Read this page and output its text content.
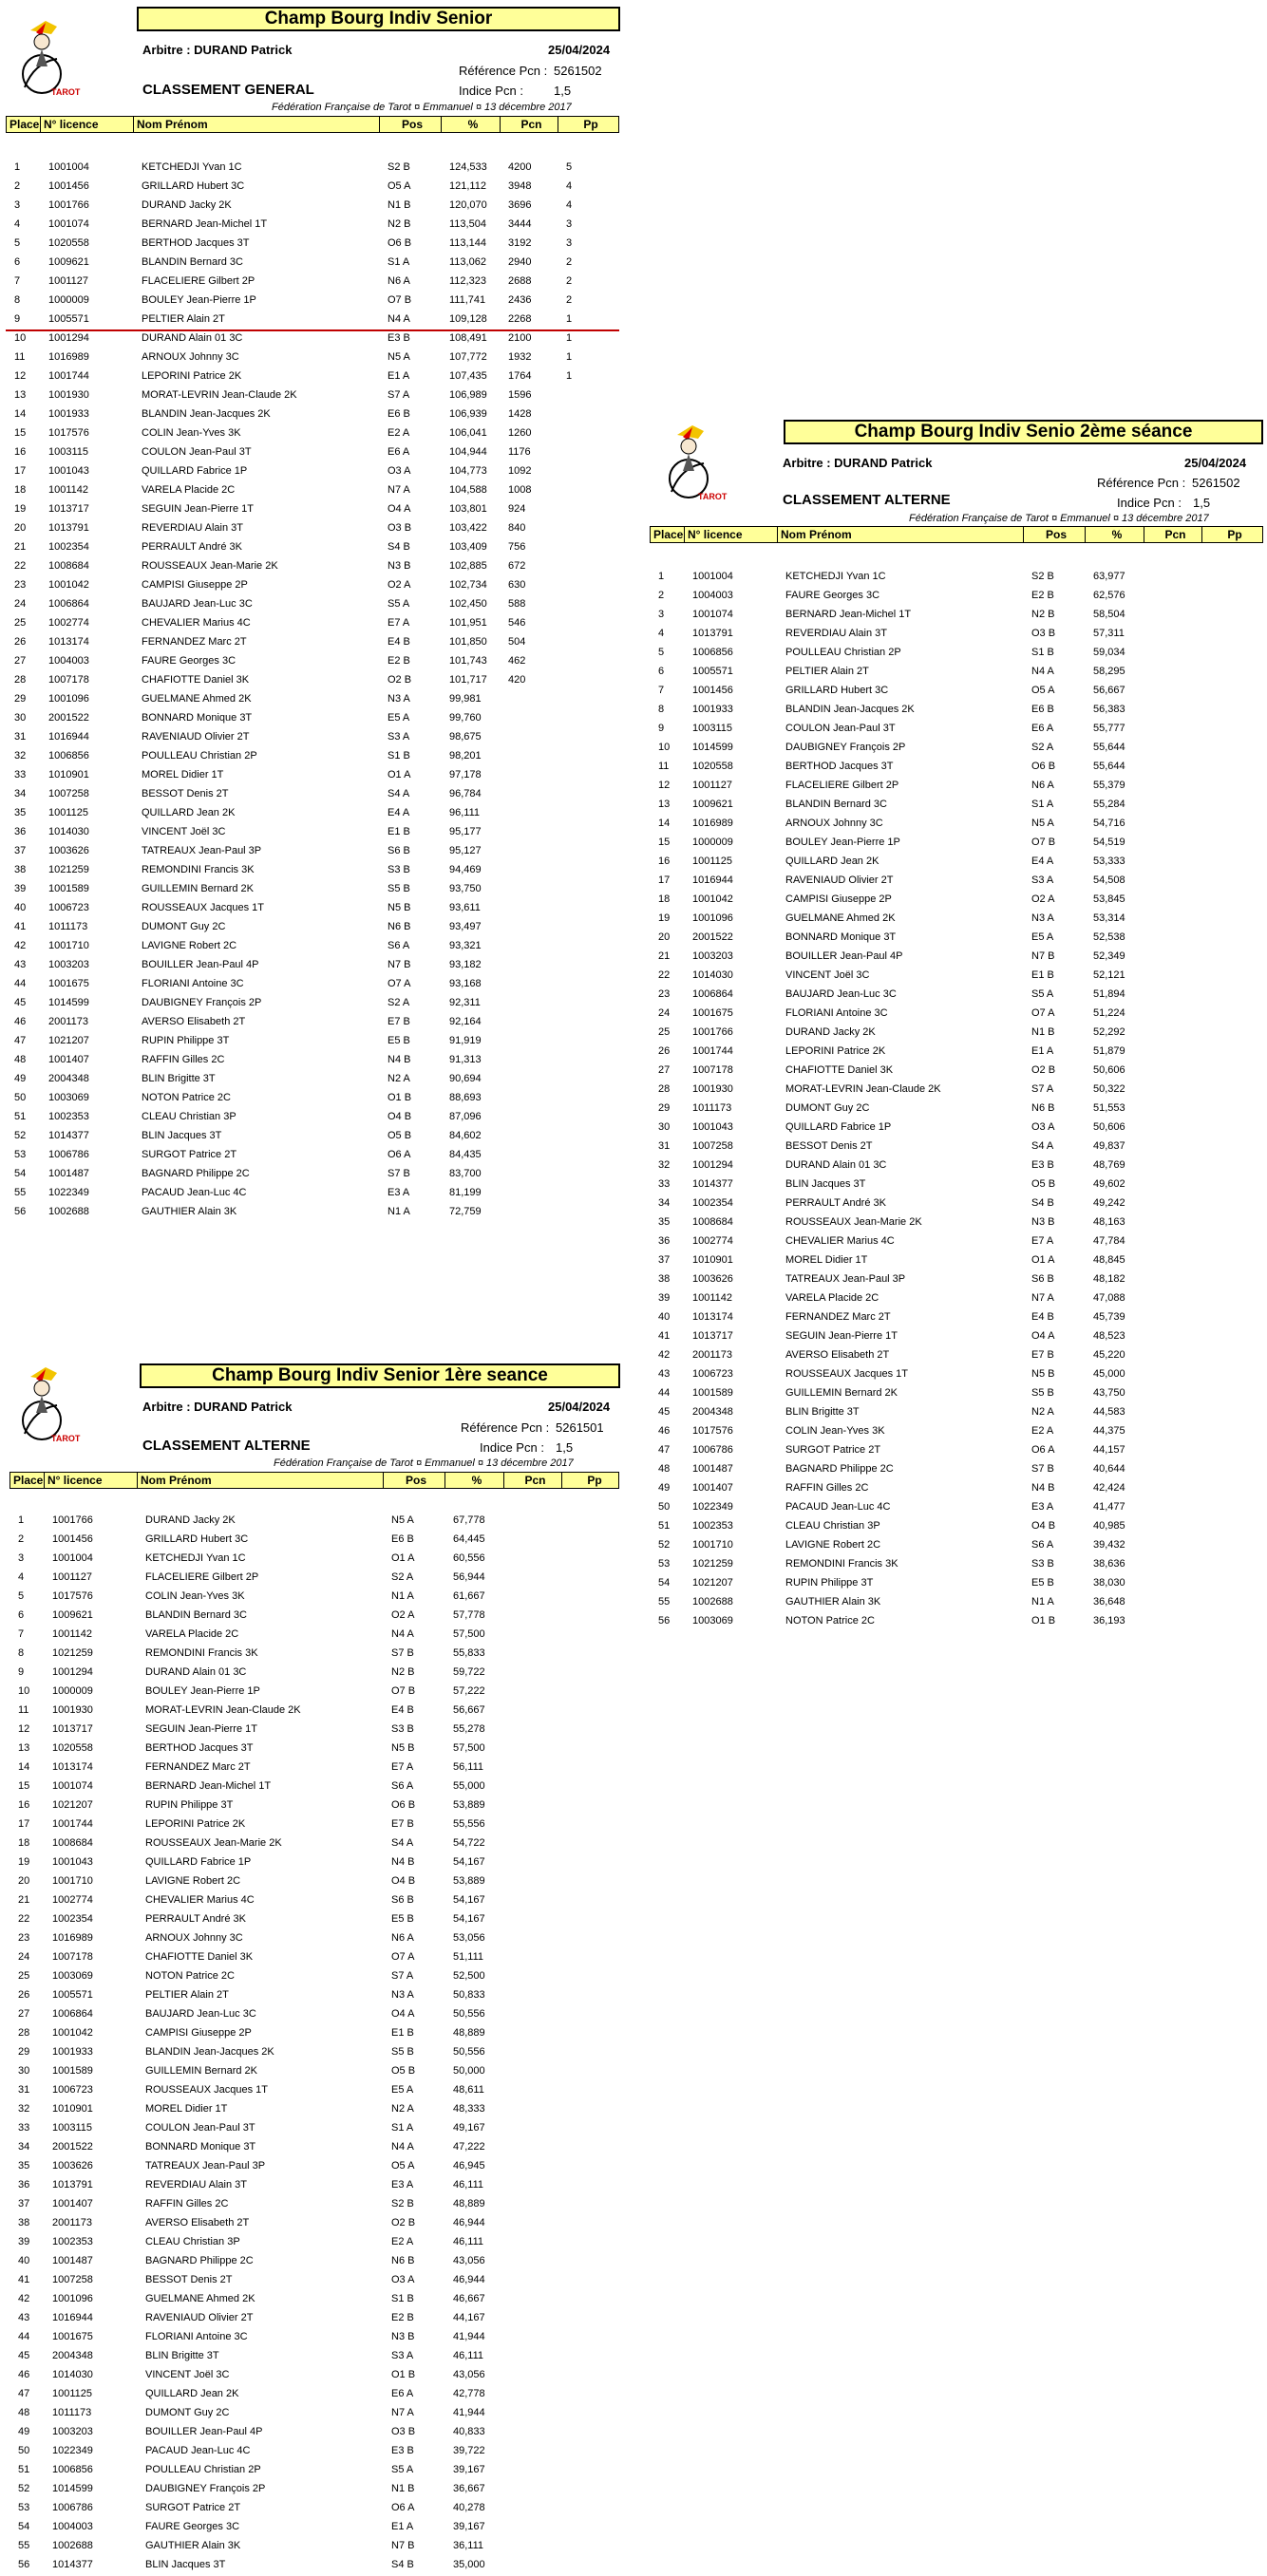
TAROT
Champ Bourg Indiv Senior
Arbitre : DURAND Patrick	25/04/2024
Référence Pcn : 5261502
Indice Pcn : 1,5
CLASSEMENT GENERAL
Fédération Française de Tarot ¤ Emmanuel ¤ 13 décembre 2017
Place N° licence	Nom Prénom	Pos	%	Pcn	Pp
1	1001004	KETCHEDJI Yvan 1C	S2 B	124,533 4200	5
2	1001456	GRILLARD Hubert 3C	O5 A	121,112 3948	4
3	1001766	DURAND Jacky 2K	N1 B	120,070 3696	4
4	1001074	BERNARD Jean-Michel 1T	N2 B	113,504 3444	3
5	1020558	BERTHOD Jacques 3T	O6 B	113,144 3192	3
6	1009621	BLANDIN Bernard 3C	S1 A	113,062 2940	2
7	1001127	FLACELIERE Gilbert 2P	N6 A	112,323 2688	2
8	1000009	BOULEY Jean-Pierre 1P	O7 B	111,741 2436	2
9	1005571	PELTIER Alain 2T	N4 A	109,128 2268	1
10 1001294	DURAND Alain 01 3C	E3 B	108,491 2100	1
11 1016989	ARNOUX Johnny 3C	N5 A	107,772 1932	1
12 1001744	LEPORINI Patrice 2K	E1 A	107,435 1764	1
13 1001930	MORAT-LEVRIN Jean-Claude 2K	S7 A	106,989 1596
14 1001933	BLANDIN Jean-Jacques 2K	E6 B	106,939 1428
15 1017576	COLIN Jean-Yves 3K	E2 A	106,041 1260
16 1003115	COULON Jean-Paul 3T	E6 A	104,944 1176
17 1001043	QUILLARD Fabrice 1P	O3 A	104,773 1092
18 1001142	VARELA Placide 2C	N7 A	104,588 1008
19 1013717	SEGUIN Jean-Pierre 1T	O4 A	103,801 924
20 1013791	REVERDIAU Alain 3T	O3 B	103,422 840
21 1002354	PERRAULT André 3K	S4 B	103,409 756
22 1008684	ROUSSEAUX Jean-Marie 2K	N3 B	102,885 672
23 1001042	CAMPISI Giuseppe 2P	O2 A	102,734 630
24 1006864	BAUJARD Jean-Luc 3C	S5 A	102,450 588
25 1002774	CHEVALIER Marius 4C	E7 A	101,951 546
26 1013174	FERNANDEZ Marc 2T	E4 B	101,850 504
27 1004003	FAURE Georges 3C	E2 B	101,743 462
28 1007178	CHAFIOTTE Daniel 3K	O2 B	101,717 420
29 1001096	GUELMANE Ahmed 2K	N3 A	99,981
30 2001522	BONNARD Monique 3T	E5 A	99,760
31 1016944	RAVENIAUD Olivier 2T	S3 A	98,675
32 1006856	POULLEAU Christian 2P	S1 B	98,201
33 1010901	MOREL Didier 1T	O1 A	97,178
34 1007258	BESSOT Denis 2T	S4 A	96,784
35 1001125	QUILLARD Jean 2K	E4 A	96,111
36 1014030	VINCENT Joël 3C	E1 B	95,177
37 1003626	TATREAUX Jean-Paul 3P	S6 B	95,127
38 1021259	REMONDINI Francis 3K	S3 B	94,469
39 1001589	GUILLEMIN Bernard 2K	S5 B	93,750
40 1006723	ROUSSEAUX Jacques 1T	N5 B	93,611
41 1011173	DUMONT Guy 2C	N6 B	93,497
42 1001710	LAVIGNE Robert 2C	S6 A	93,321
43 1003203	BOUILLER Jean-Paul 4P	N7 B	93,182
44 1001675	FLORIANI Antoine 3C	O7 A	93,168
45 1014599	DAUBIGNEY François 2P	S2 A	92,311
46 2001173	AVERSO Elisabeth 2T	E7 B	92,164
47 1021207	RUPIN Philippe 3T	E5 B	91,919
48 1001407	RAFFIN Gilles 2C	N4 B	91,313
49 2004348	BLIN Brigitte 3T	N2 A	90,694
50 1003069	NOTON Patrice 2C	O1 B	88,693
51 1002353	CLEAU Christian 3P	O4 B	87,096
52 1014377	BLIN Jacques 3T	O5 B	84,602
53 1006786	SURGOT Patrice 2T	O6 A	84,435
54 1001487	BAGNARD Philippe 2C	S7 B	83,700
55 1022349	PACAUD Jean-Luc 4C	E3 A	81,199
56 1002688	GAUTHIER Alain 3K	N1 A	72,759
TAROT
Champ Bourg Indiv Senio 2ème séance
Arbitre : DURAND Patrick	25/04/2024
Référence Pcn : 5261502
Indice Pcn : 1,5
CLASSEMENT ALTERNE
Fédération Française de Tarot ¤ Emmanuel ¤ 13 décembre 2017
Place N° licence	Nom Prénom	Pos	%	Pcn	Pp
1	1001004	KETCHEDJI Yvan 1C	S2 B	63,977
2	1004003	FAURE Georges 3C	E2 B	62,576
3	1001074	BERNARD Jean-Michel 1T	N2 B	58,504
4	1013791	REVERDIAU Alain 3T	O3 B	57,311
5	1006856	POULLEAU Christian 2P	S1 B	59,034
6	1005571	PELTIER Alain 2T	N4 A	58,295
7	1001456	GRILLARD Hubert 3C	O5 A	56,667
8	1001933	BLANDIN Jean-Jacques 2K	E6 B	56,383
9	1003115	COULON Jean-Paul 3T	E6 A	55,777
10 1014599	DAUBIGNEY François 2P	S2 A	55,644
11 1020558	BERTHOD Jacques 3T	O6 B	55,644
12 1001127	FLACELIERE Gilbert 2P	N6 A	55,379
13 1009621	BLANDIN Bernard 3C	S1 A	55,284
14 1016989	ARNOUX Johnny 3C	N5 A	54,716
15 1000009	BOULEY Jean-Pierre 1P	O7 B	54,519
16 1001125	QUILLARD Jean 2K	E4 A	53,333
17 1016944	RAVENIAUD Olivier 2T	S3 A	54,508
18 1001042	CAMPISI Giuseppe 2P	O2 A	53,845
19 1001096	GUELMANE Ahmed 2K	N3 A	53,314
20 2001522	BONNARD Monique 3T	E5 A	52,538
21 1003203	BOUILLER Jean-Paul 4P	N7 B	52,349
22 1014030	VINCENT Joël 3C	E1 B	52,121
23 1006864	BAUJARD Jean-Luc 3C	S5 A	51,894
24 1001675	FLORIANI Antoine 3C	O7 A	51,224
25 1001766	DURAND Jacky 2K	N1 B	52,292
26 1001744	LEPORINI Patrice 2K	E1 A	51,879
27 1007178	CHAFIOTTE Daniel 3K	O2 B	50,606
28 1001930	MORAT-LEVRIN Jean-Claude 2K	S7 A	50,322
29 1011173	DUMONT Guy 2C	N6 B	51,553
30 1001043	QUILLARD Fabrice 1P	O3 A	50,606
31 1007258	BESSOT Denis 2T	S4 A	49,837
32 1001294	DURAND Alain 01 3C	E3 B	48,769
33 1014377	BLIN Jacques 3T	O5 B	49,602
34 1002354	PERRAULT André 3K	S4 B	49,242
35 1008684	ROUSSEAUX Jean-Marie 2K	N3 B	48,163
36 1002774	CHEVALIER Marius 4C	E7 A	47,784
37 1010901	MOREL Didier 1T	O1 A	48,845
38 1003626	TATREAUX Jean-Paul 3P	S6 B	48,182
39 1001142	VARELA Placide 2C	N7 A	47,088
40 1013174	FERNANDEZ Marc 2T	E4 B	45,739
41 1013717	SEGUIN Jean-Pierre 1T	O4 A	48,523
42 2001173	AVERSO Elisabeth 2T	E7 B	45,220
43 1006723	ROUSSEAUX Jacques 1T	N5 B	45,000
44 1001589	GUILLEMIN Bernard 2K	S5 B	43,750
45 2004348	BLIN Brigitte 3T	N2 A	44,583
46 1017576	COLIN Jean-Yves 3K	E2 A	44,375
47 1006786	SURGOT Patrice 2T	O6 A	44,157
48 1001487	BAGNARD Philippe 2C	S7 B	40,644
49 1001407	RAFFIN Gilles 2C	N4 B	42,424
50 1022349	PACAUD Jean-Luc 4C	E3 A	41,477
51 1002353	CLEAU Christian 3P	O4 B	40,985
52 1001710	LAVIGNE Robert 2C	S6 A	39,432
53 1021259	REMONDINI Francis 3K	S3 B	38,636
54 1021207	RUPIN Philippe 3T	E5 B	38,030
55 1002688	GAUTHIER Alain 3K	N1 A	36,648
56 1003069	NOTON Patrice 2C	O1 B	36,193
TAROT
Champ Bourg Indiv Senior 1ère seance
Arbitre : DURAND Patrick	25/04/2024
Référence Pcn : 5261501
Indice Pcn : 1,5
CLASSEMENT ALTERNE
Fédération Française de Tarot ¤ Emmanuel ¤ 13 décembre 2017
Place N° licence	Nom Prénom	Pos	%	Pcn	Pp
1	1001766	DURAND Jacky 2K	N5 A	67,778
2	1001456	GRILLARD Hubert 3C	E6 B	64,445
3	1001004	KETCHEDJI Yvan 1C	O1 A	60,556
4	1001127	FLACELIERE Gilbert 2P	S2 A	56,944
5	1017576	COLIN Jean-Yves 3K	N1 A	61,667
6	1009621	BLANDIN Bernard 3C	O2 A	57,778
7	1001142	VARELA Placide 2C	N4 A	57,500
8	1021259	REMONDINI Francis 3K	S7 B	55,833
9	1001294	DURAND Alain 01 3C	N2 B	59,722
10 1000009	BOULEY Jean-Pierre 1P	O7 B	57,222
11 1001930	MORAT-LEVRIN Jean-Claude 2K	E4 B	56,667
12 1013717	SEGUIN Jean-Pierre 1T	S3 B	55,278
13 1020558	BERTHOD Jacques 3T	N5 B	57,500
14 1013174	FERNANDEZ Marc 2T	E7 A	56,111
15 1001074	BERNARD Jean-Michel 1T	S6 A	55,000
16 1021207	RUPIN Philippe 3T	O6 B	53,889
17 1001744	LEPORINI Patrice 2K	E7 B	55,556
18 1008684	ROUSSEAUX Jean-Marie 2K	S4 A	54,722
19 1001043	QUILLARD Fabrice 1P	N4 B	54,167
20 1001710	LAVIGNE Robert 2C	O4 B	53,889
21 1002774	CHEVALIER Marius 4C	S6 B	54,167
22 1002354	PERRAULT André 3K	E5 B	54,167
23 1016989	ARNOUX Johnny 3C	N6 A	53,056
24 1007178	CHAFIOTTE Daniel 3K	O7 A	51,111
25 1003069	NOTON Patrice 2C	S7 A	52,500
26 1005571	PELTIER Alain 2T	N3 A	50,833
27 1006864	BAUJARD Jean-Luc 3C	O4 A	50,556
28 1001042	CAMPISI Giuseppe 2P	E1 B	48,889
29 1001933	BLANDIN Jean-Jacques 2K	S5 B	50,556
30 1001589	GUILLEMIN Bernard 2K	O5 B	50,000
31 1006723	ROUSSEAUX Jacques 1T	E5 A	48,611
32 1010901	MOREL Didier 1T	N2 A	48,333
33 1003115	COULON Jean-Paul 3T	S1 A	49,167
34 2001522	BONNARD Monique 3T	N4 A	47,222
35 1003626	TATREAUX Jean-Paul 3P	O5 A	46,945
36 1013791	REVERDIAU Alain 3T	E3 A	46,111
37 1001407	RAFFIN Gilles 2C	S2 B	48,889
38 2001173	AVERSO Elisabeth 2T	O2 B	46,944
39 1002353	CLEAU Christian 3P	E2 A	46,111
40 1001487	BAGNARD Philippe 2C	N6 B	43,056
41 1007258	BESSOT Denis 2T	O3 A	46,944
42 1001096	GUELMANE Ahmed 2K	S1 B	46,667
43 1016944	RAVENIAUD Olivier 2T	E2 B	44,167
44 1001675	FLORIANI Antoine 3C	N3 B	41,944
45 2004348	BLIN Brigitte 3T	S3 A	46,111
46 1014030	VINCENT Joël 3C	O1 B	43,056
47 1001125	QUILLARD Jean 2K	E6 A	42,778
48 1011173	DUMONT Guy 2C	N7 A	41,944
49 1003203	BOUILLER Jean-Paul 4P	O3 B	40,833
50 1022349	PACAUD Jean-Luc 4C	E3 B	39,722
51 1006856	POULLEAU Christian 2P	S5 A	39,167
52 1014599	DAUBIGNEY François 2P	N1 B	36,667
53 1006786	SURGOT Patrice 2T	O6 A	40,278
54 1004003	FAURE Georges 3C	E1 A	39,167
55 1002688	GAUTHIER Alain 3K	N7 B	36,111
56 1014377	BLIN Jacques 3T	S4 B	35,000
